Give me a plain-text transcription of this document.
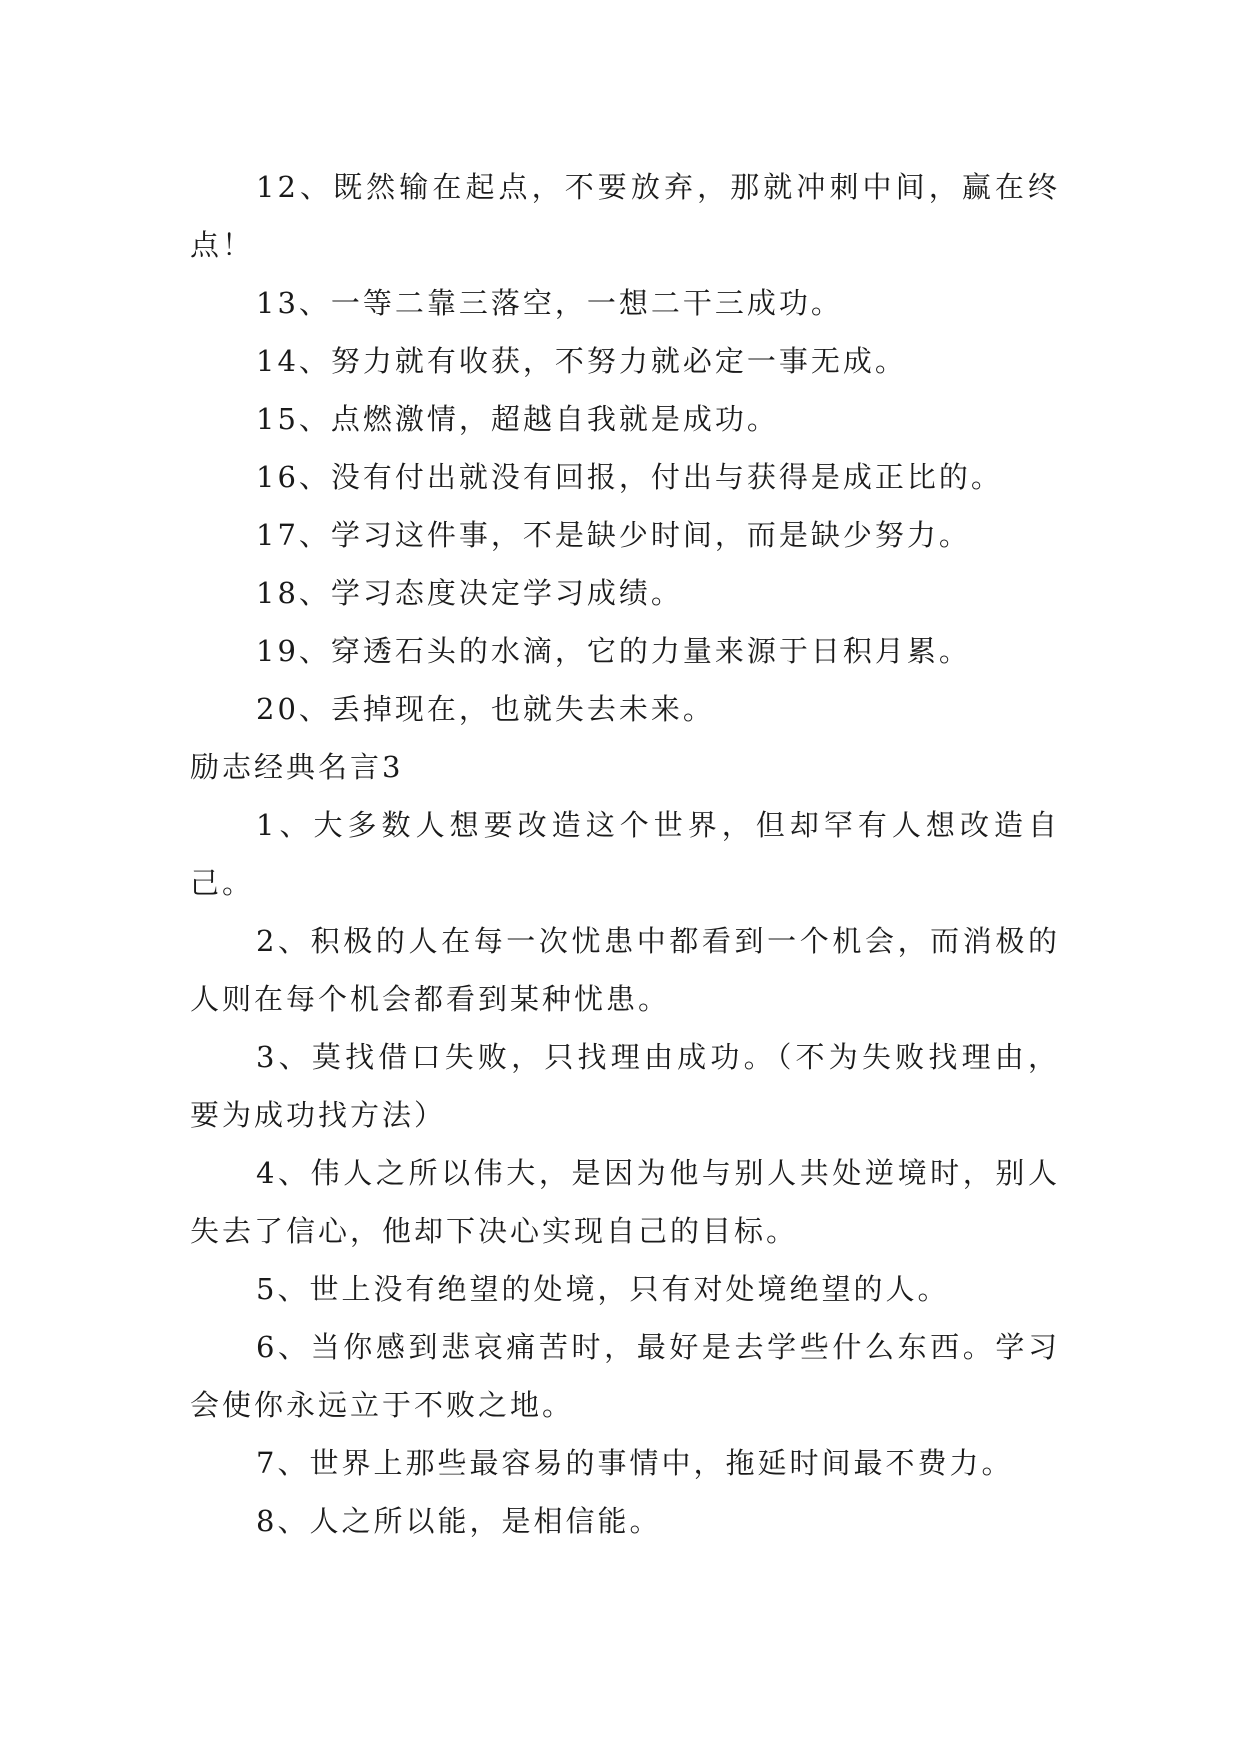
12、既然输在起点，不要放弃，那就冲刺中间，赢在终点！

13、一等二靠三落空，一想二干三成功。

14、努力就有收获，不努力就必定一事无成。

15、点燃激情，超越自我就是成功。

16、没有付出就没有回报，付出与获得是成正比的。

17、学习这件事，不是缺少时间，而是缺少努力。

18、学习态度决定学习成绩。

19、穿透石头的水滴，它的力量来源于日积月累。

20、丢掉现在，也就失去未来。

励志经典名言3

1、大多数人想要改造这个世界，但却罕有人想改造自己。

2、积极的人在每一次忧患中都看到一个机会，而消极的人则在每个机会都看到某种忧患。

3、莫找借口失败，只找理由成功。（不为失败找理由，要为成功找方法）

4、伟人之所以伟大，是因为他与别人共处逆境时，别人失去了信心，他却下决心实现自己的目标。

5、世上没有绝望的处境，只有对处境绝望的人。

6、当你感到悲哀痛苦时，最好是去学些什么东西。学习会使你永远立于不败之地。

7、世界上那些最容易的事情中，拖延时间最不费力。

8、人之所以能，是相信能。
